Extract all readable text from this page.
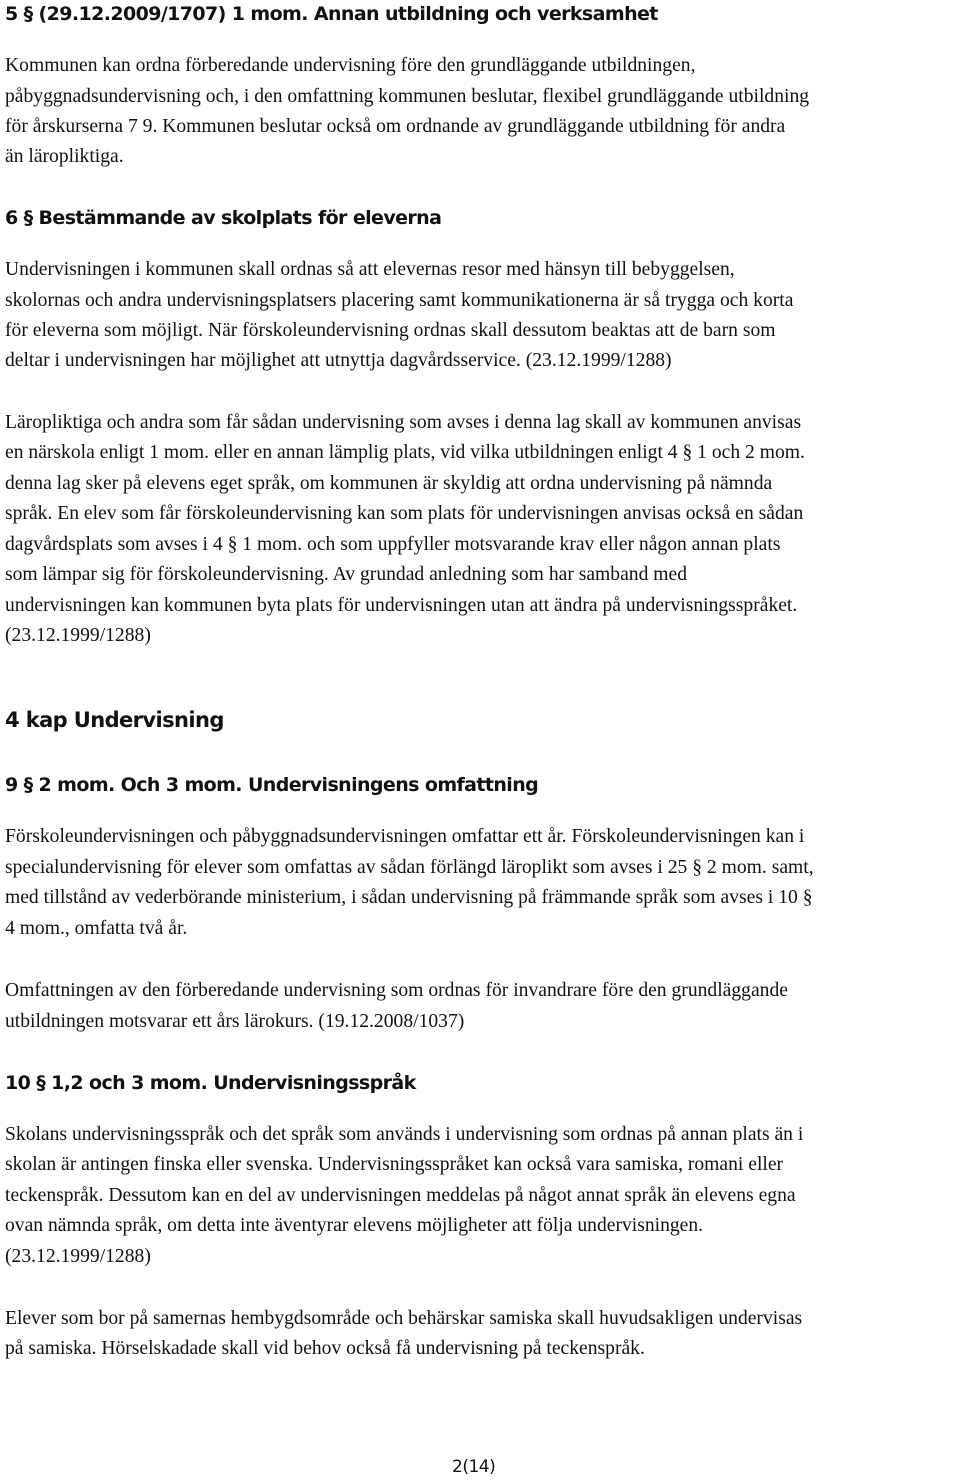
5 § (29.12.2009/1707) 1 mom. Annan utbildning och verksamhet
Kommunen kan ordna förberedande undervisning före den grundläggande utbildningen,
påbyggnadsundervisning och, i den omfattning kommunen beslutar, flexibel grundläggande utbildning
för årskurserna 7 9. Kommunen beslutar också om ordnande av grundläggande utbildning för andra
än läropliktiga.
6 § Bestämmande av skolplats för eleverna
Undervisningen i kommunen skall ordnas så att elevernas resor med hänsyn till bebyggelsen,
skolornas och andra undervisningsplatsers placering samt kommunikationerna är så trygga och korta
för eleverna som möjligt. När förskoleundervisning ordnas skall dessutom beaktas att de barn som
deltar i undervisningen har möjlighet att utnyttja dagvårdsservice. (23.12.1999/1288)
Läropliktiga och andra som får sådan undervisning som avses i denna lag skall av kommunen anvisas
en närskola enligt 1 mom. eller en annan lämplig plats, vid vilka utbildningen enligt 4 § 1 och 2 mom.
denna lag sker på elevens eget språk, om kommunen är skyldig att ordna undervisning på nämnda
språk. En elev som får förskoleundervisning kan som plats för undervisningen anvisas också en sådan
dagvårdsplats som avses i 4 § 1 mom. och som uppfyller motsvarande krav eller någon annan plats
som lämpar sig för förskoleundervisning. Av grundad anledning som har samband med
undervisningen kan kommunen byta plats för undervisningen utan att ändra på undervisningsspråket.
(23.12.1999/1288)
4 kap Undervisning
9 § 2 mom. Och 3 mom. Undervisningens omfattning
Förskoleundervisningen och påbyggnadsundervisningen omfattar ett år. Förskoleundervisningen kan i
specialundervisning för elever som omfattas av sådan förlängd läroplikt som avses i 25 § 2 mom. samt,
med tillstånd av vederbörande ministerium, i sådan undervisning på främmande språk som avses i 10 §
4 mom., omfatta två år.
Omfattningen av den förberedande undervisning som ordnas för invandrare före den grundläggande
utbildningen motsvarar ett års lärokurs. (19.12.2008/1037)
10 § 1,2 och 3 mom. Undervisningsspråk
Skolans undervisningsspråk och det språk som används i undervisning som ordnas på annan plats än i
skolan är antingen finska eller svenska. Undervisningsspråket kan också vara samiska, romani eller
teckenspråk. Dessutom kan en del av undervisningen meddelas på något annat språk än elevens egna
ovan nämnda språk, om detta inte äventyrar elevens möjligheter att följa undervisningen.
(23.12.1999/1288)
Elever som bor på samernas hembygdsområde och behärskar samiska skall huvudsakligen undervisas
på samiska. Hörselskadade skall vid behov också få undervisning på teckenspråk.
2(14)
